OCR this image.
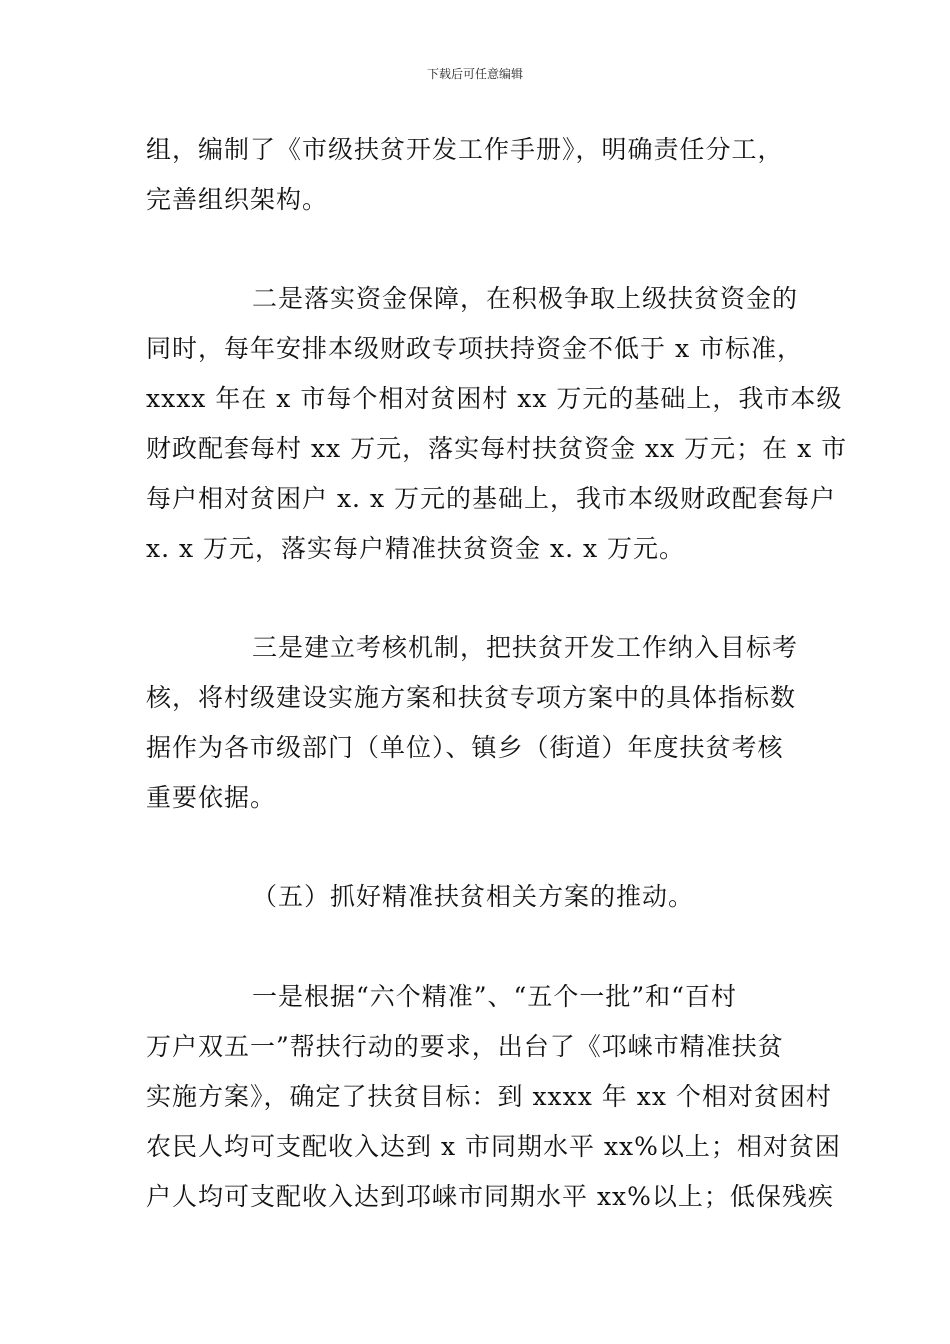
下载后可任意编辑
组，编制了《市级扶贫开发工作手册》，明确责任分工，
完善组织架构。
二是落实资金保障，在积极争取上级扶贫资金的
同时，每年安排本级财政专项扶持资金不低于 x 市标准，
xxxx 年在 x 市每个相对贫困村 xx 万元的基础上，我市本级
财政配套每村 xx 万元，落实每村扶贫资金 xx 万元；在 x 市
每户相对贫困户 x. x 万元的基础上，我市本级财政配套每户
x. x 万元，落实每户精准扶贫资金 x. x 万元。
三是建立考核机制，把扶贫开发工作纳入目标考
核，将村级建设实施方案和扶贫专项方案中的具体指标数
据作为各市级部门（单位）、镇乡（街道）年度扶贫考核
重要依据。
（五）抓好精准扶贫相关方案的推动。
一是根据“六个精准”、“五个一批”和“百村
万户双五一”帮扶行动的要求，出台了《邛崃市精准扶贫
实施方案》，确定了扶贫目标：到 xxxx 年 xx 个相对贫困村
农民人均可支配收入达到 x 市同期水平 xx%以上；相对贫困
户人均可支配收入达到邛崃市同期水平 xx%以上；低保残疾
